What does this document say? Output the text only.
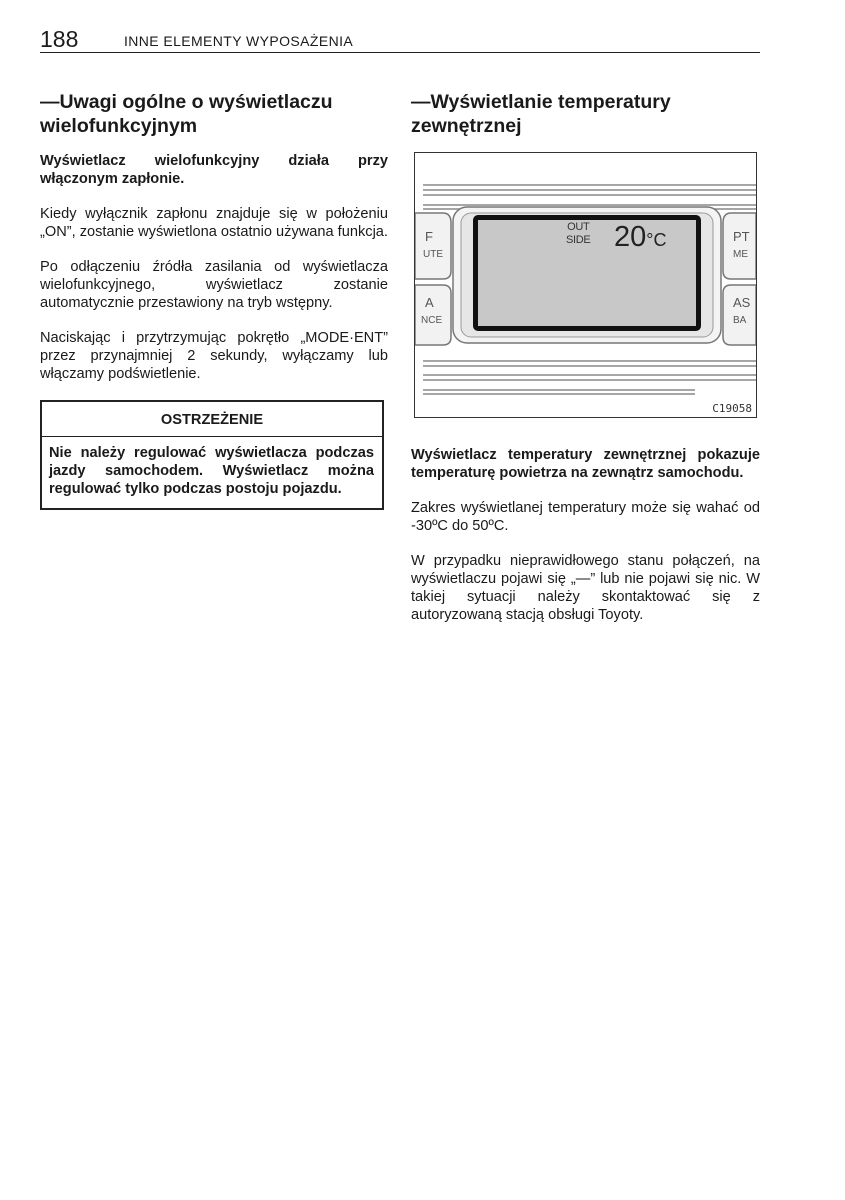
188	INNE ELEMENTY WYPOSAŻENIA
—Uwagi ogólne o wyświetlaczu wielofunkcyjnym

Wyświetlacz wielofunkcyjny działa przy włączonym zapłonie.

Kiedy wyłącznik zapłonu znajduje się w położeniu „ON”, zostanie wyświetlona ostatnio używana funkcja.

Po odłączeniu źródła zasilania od wyświetlacza wielofunkcyjnego, wyświetlacz zostanie automatycznie przestawiony na tryb wstępny.

Naciskając i przytrzymując pokrętło „MODE·ENT” przez przynajmniej 2 sekundy, wyłączamy lub włączamy podświetlenie.

OSTRZEŻENIE
Nie należy regulować wyświetlacza podczas jazdy samochodem. Wyświetlacz można regulować tylko podczas postoju pojazdu.
—Wyświetlanie temperatury zewnętrznej
OUT
SIDE 20°C
F
UTE
A
NCE
PT
ME
AS
BA
C19058

Wyświetlacz temperatury zewnętrznej pokazuje temperaturę powietrza na zewnątrz samochodu.

Zakres wyświetlanej temperatury może się wahać od -30ºC do 50ºC.

W przypadku nieprawidłowego stanu połączeń, na wyświetlaczu pojawi się „—” lub nie pojawi się nic. W takiej sytuacji należy skontaktować się z autoryzowaną stacją obsługi Toyoty.
